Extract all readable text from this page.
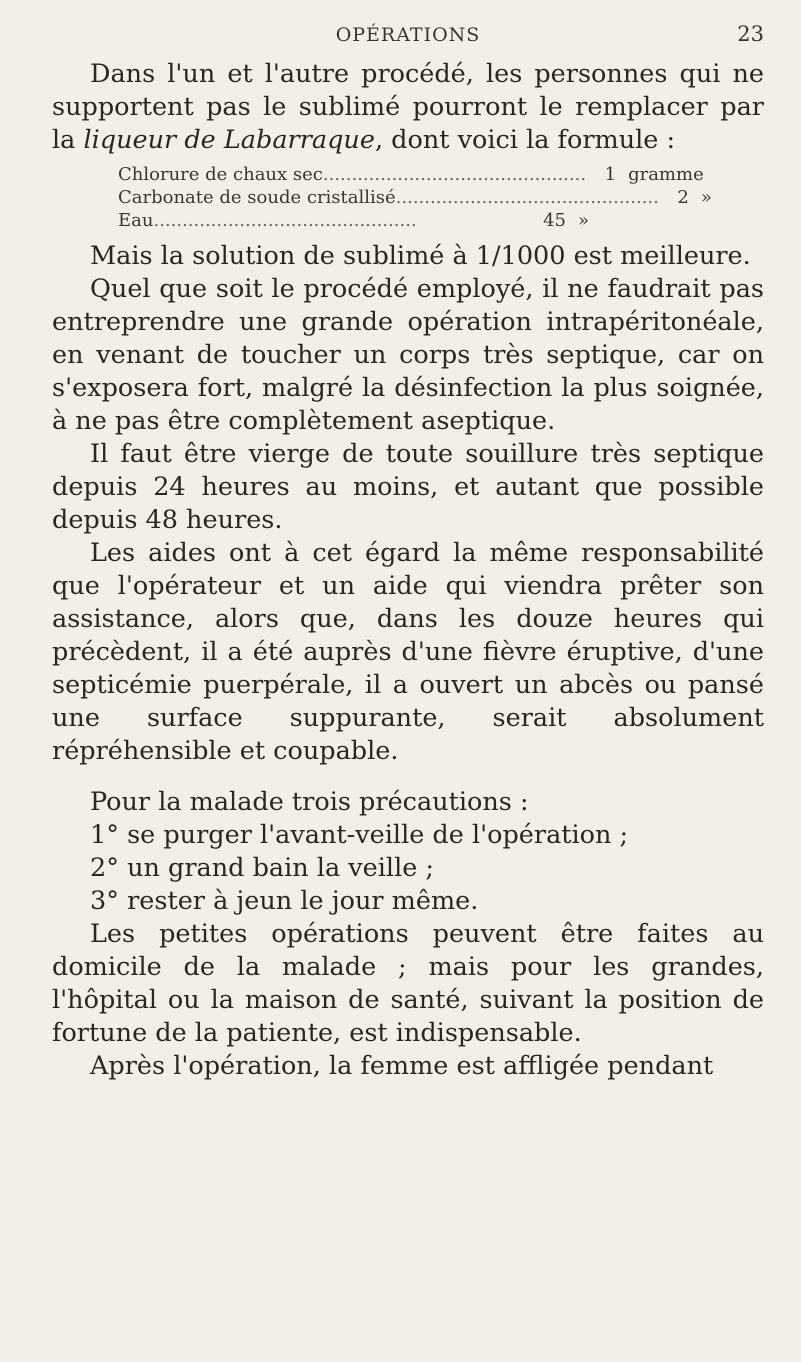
OPÉRATIONS	23

Dans l'un et l'autre procédé, les personnes qui ne supportent pas le sublimé pourront le remplacer par la liqueur de Labarraque, dont voici la formule :

Chlorure de chaux sec ..............................................	1 gramme
Carbonate de soude cristallisé ..............................................	2 »
Eau ..............................................	45 »

Mais la solution de sublimé à 1/1000 est meilleure.

Quel que soit le procédé employé, il ne faudrait pas entreprendre une grande opération intrapéritonéale, en venant de toucher un corps très septique, car on s'exposera fort, malgré la désinfection la plus soignée, à ne pas être complètement aseptique.

Il faut être vierge de toute souillure très septique depuis 24 heures au moins, et autant que possible depuis 48 heures.

Les aides ont à cet égard la même responsabilité que l'opérateur et un aide qui viendra prêter son assistance, alors que, dans les douze heures qui précèdent, il a été auprès d'une fièvre éruptive, d'une septicémie puerpérale, il a ouvert un abcès ou pansé une surface suppurante, serait absolument répréhensible et coupable.

Pour la malade trois précautions :

1° se purger l'avant-veille de l'opération ;

2° un grand bain la veille ;

3° rester à jeun le jour même.

Les petites opérations peuvent être faites au domicile de la malade ; mais pour les grandes, l'hôpital ou la maison de santé, suivant la position de fortune de la patiente, est indispensable.

Après l'opération, la femme est affligée pendant
